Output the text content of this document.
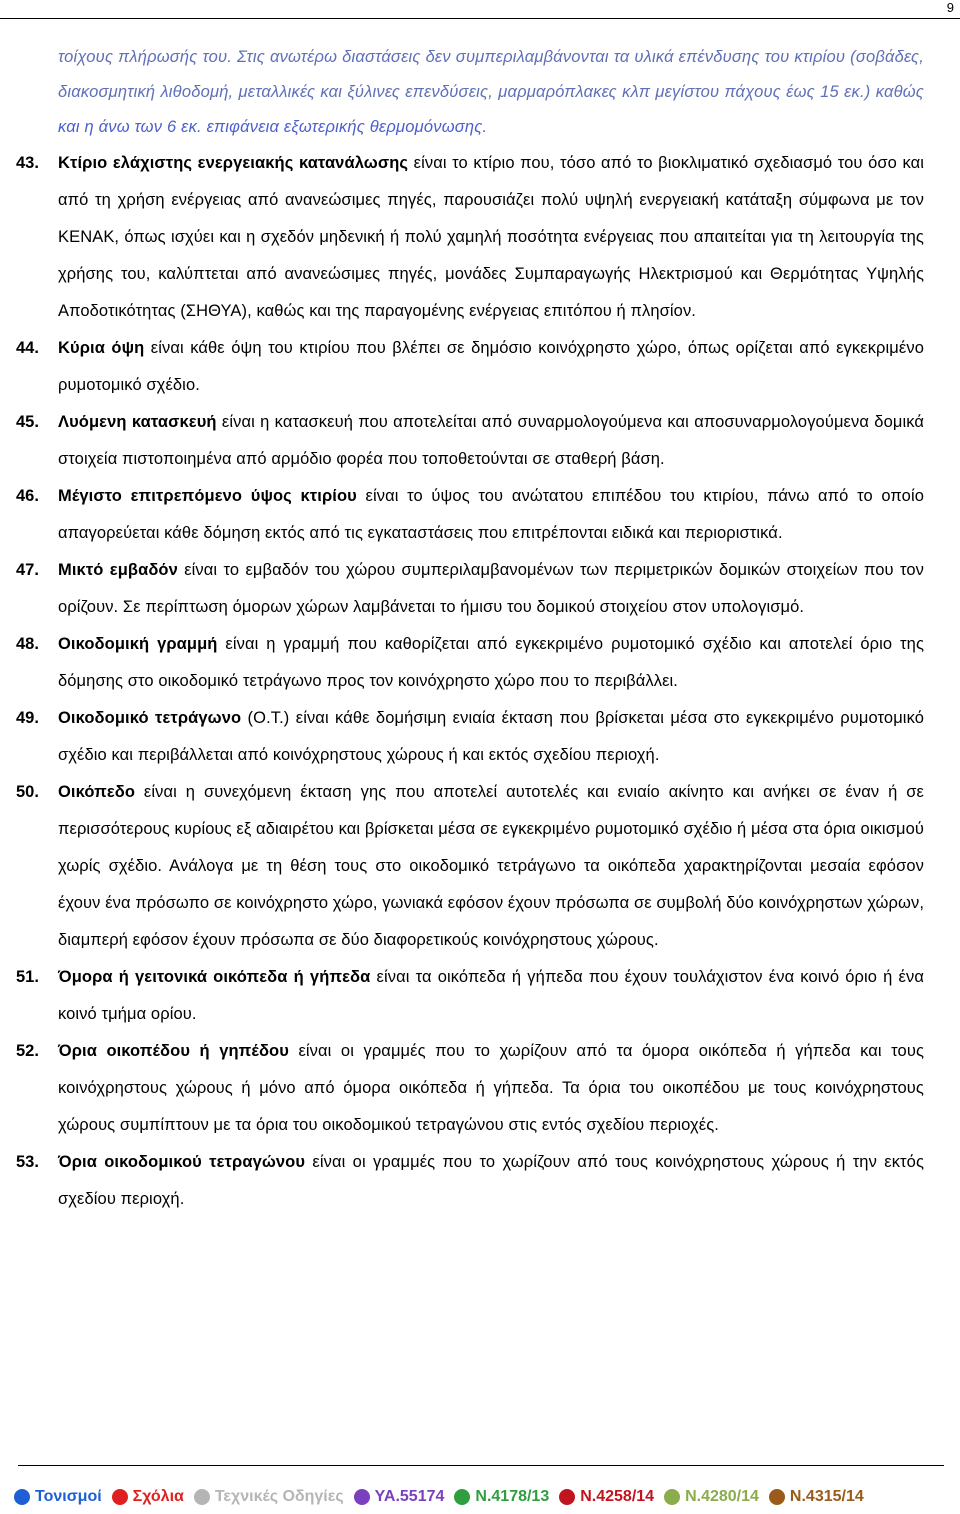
9

τοίχους πλήρωσής του. Στις ανωτέρω διαστάσεις δεν συμπεριλαμβάνονται τα υλικά επένδυσης του κτιρίου (σοβάδες, διακοσμητική λιθοδομή, μεταλλικές και ξύλινες επενδύσεις, μαρμαρόπλακες κλπ μεγίστου πάχους έως 15 εκ.) καθώς και η άνω των 6 εκ. επιφάνεια εξωτερικής θερμομόνωσης.

43.	Κτίριο ελάχιστης ενεργειακής κατανάλωσης είναι το κτίριο που, τόσο από το βιοκλιματικό σχεδιασμό του όσο και από τη χρήση ενέργειας από ανανεώσιμες πηγές, παρουσιάζει πολύ υψηλή ενεργειακή κατάταξη σύμφωνα με τον ΚΕΝΑΚ, όπως ισχύει και η σχεδόν μηδενική ή πολύ χαμηλή ποσότητα ενέργειας που απαιτείται για τη λειτουργία της χρήσης του, καλύπτεται από ανανεώσιμες πηγές, μονάδες Συμπαραγωγής Ηλεκτρισμού και Θερμότητας Υψηλής Αποδοτικότητας (ΣΗΘΥΑ), καθώς και της παραγομένης ενέργειας επιτόπου ή πλησίον.
44.	Κύρια όψη είναι κάθε όψη του κτιρίου που βλέπει σε δημόσιο κοινόχρηστο χώρο, όπως ορίζεται από εγκεκριμένο ρυμοτομικό σχέδιο.
45.	Λυόμενη κατασκευή είναι η κατασκευή που αποτελείται από συναρμολογούμενα και αποσυναρμολογούμενα δομικά στοιχεία πιστοποιημένα από αρμόδιο φορέα που τοποθετούνται σε σταθερή βάση.
46.	Μέγιστο επιτρεπόμενο ύψος κτιρίου είναι το ύψος του ανώτατου επιπέδου του κτιρίου, πάνω από το οποίο απαγορεύεται κάθε δόμηση εκτός από τις εγκαταστάσεις που επιτρέπονται ειδικά και περιοριστικά.
47.	Μικτό εμβαδόν είναι το εμβαδόν του χώρου συμπεριλαμβανομένων των περιμετρικών δομικών στοιχείων που τον ορίζουν. Σε περίπτωση όμορων χώρων λαμβάνεται το ήμισυ του δομικού στοιχείου στον υπολογισμό.
48.	Οικοδομική γραμμή είναι η γραμμή που καθορίζεται από εγκεκριμένο ρυμοτομικό σχέδιο και αποτελεί όριο της δόμησης στο οικοδομικό τετράγωνο προς τον κοινόχρηστο χώρο που το περιβάλλει.
49.	Οικοδομικό τετράγωνο (Ο.Τ.) είναι κάθε δομήσιμη ενιαία έκταση που βρίσκεται μέσα στο εγκεκριμένο ρυμοτομικό σχέδιο και περιβάλλεται από κοινόχρηστους χώρους ή και εκτός σχεδίου περιοχή.
50.	Οικόπεδο είναι η συνεχόμενη έκταση γης που αποτελεί αυτοτελές και ενιαίο ακίνητο και ανήκει σε έναν ή σε περισσότερους κυρίους εξ αδιαιρέτου και βρίσκεται μέσα σε εγκεκριμένο ρυμοτομικό σχέδιο ή μέσα στα όρια οικισμού χωρίς σχέδιο. Ανάλογα με τη θέση τους στο οικοδομικό τετράγωνο τα οικόπεδα χαρακτηρίζονται μεσαία εφόσον έχουν ένα πρόσωπο σε κοινόχρηστο χώρο, γωνιακά εφόσον έχουν πρόσωπα σε συμβολή δύο κοινόχρηστων χώρων, διαμπερή εφόσον έχουν πρόσωπα σε δύο διαφορετικούς κοινόχρηστους χώρους.
51.	Όμορα ή γειτονικά οικόπεδα ή γήπεδα είναι τα οικόπεδα ή γήπεδα που έχουν τουλάχιστον ένα κοινό όριο ή ένα κοινό τμήμα ορίου.
52.	Όρια οικοπέδου ή γηπέδου είναι οι γραμμές που το χωρίζουν από τα όμορα οικόπεδα ή γήπεδα και τους κοινόχρηστους χώρους ή μόνο από όμορα οικόπεδα ή γήπεδα. Τα όρια του οικοπέδου με τους κοινόχρηστους χώρους συμπίπτουν με τα όρια του οικοδομικού τετραγώνου στις εντός σχεδίου περιοχές.
53.	Όρια οικοδομικού τετραγώνου είναι οι γραμμές που το χωρίζουν από τους κοινόχρηστους χώρους ή την εκτός σχεδίου περιοχή.
Τονισμοί Σχόλια Τεχνικές Οδηγίες ΥΑ.55174 Ν.4178/13 Ν.4258/14 Ν.4280/14 Ν.4315/14
